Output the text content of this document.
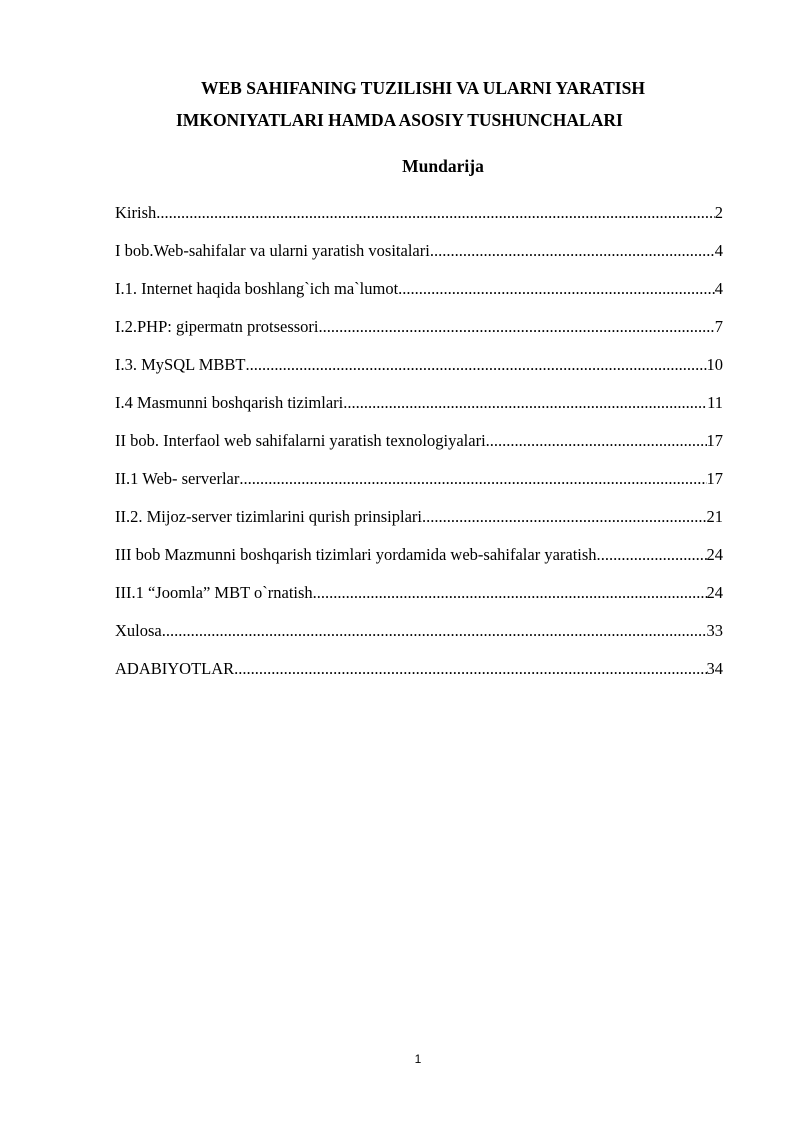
WEB SAHIFANING TUZILISHI VA ULARNI YARATISH
IMKONIYATLARI HAMDA ASOSIY TUSHUNCHALARI
Mundarija
Kirish .....	2
I bob.Web-sahifalar va ularni yaratish vositalari .....	4
I.1. Internet haqida boshlang`ich ma`lumot .....	4
I.2.PHP: gipermatn protsessori .....	7
I.3. MySQL MBBT .....	10
I.4 Masmunni boshqarish tizimlari .....	11
II bob. Interfaol web sahifalarni yaratish texnologiyalari .....	17
II.1 Web- serverlar .....	17
II.2. Mijoz-server tizimlarini qurish prinsiplari .....	21
III bob Mazmunni boshqarish tizimlari yordamida web-sahifalar yaratish. .....	24
III.1 “Joomla” MBT o`rnatish .....	24
Xulosa .....	33
ADABIYOTLAR .....	34
1
